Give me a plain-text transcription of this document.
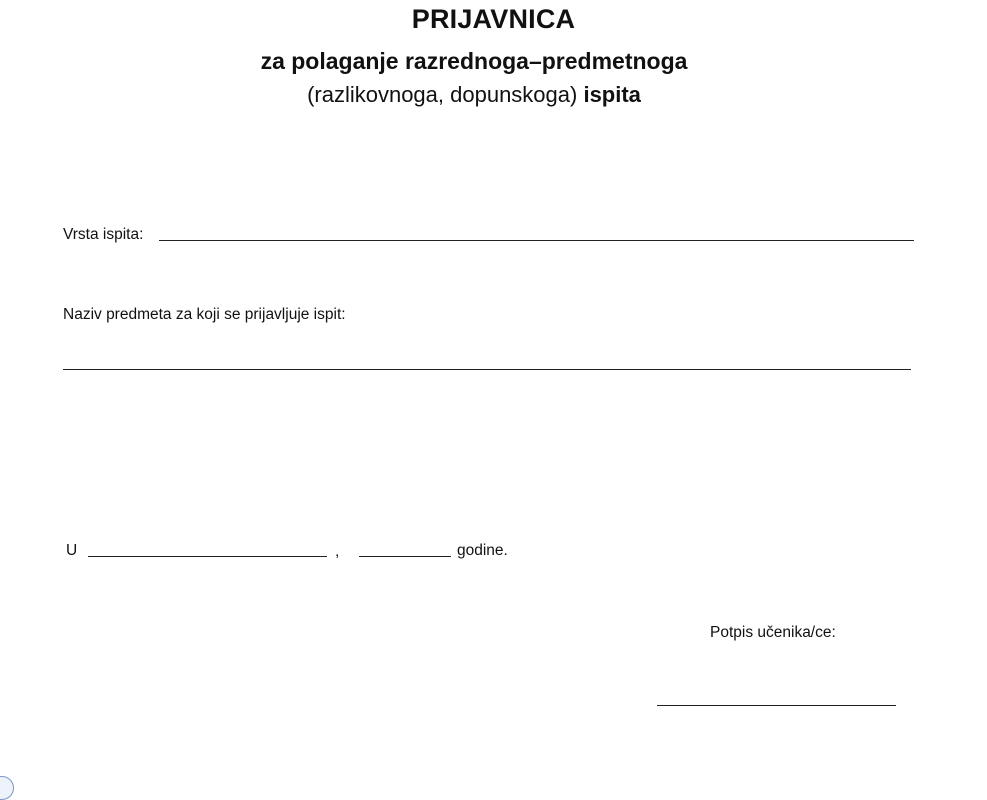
PRIJAVNICA
za polaganje razrednoga–predmetnoga
(razlikovnoga, dopunskoga) ispita
Vrsta ispita:
Naziv predmeta za koji se prijavljuje ispit:
U	,	godine.
Potpis učenika/ce:
